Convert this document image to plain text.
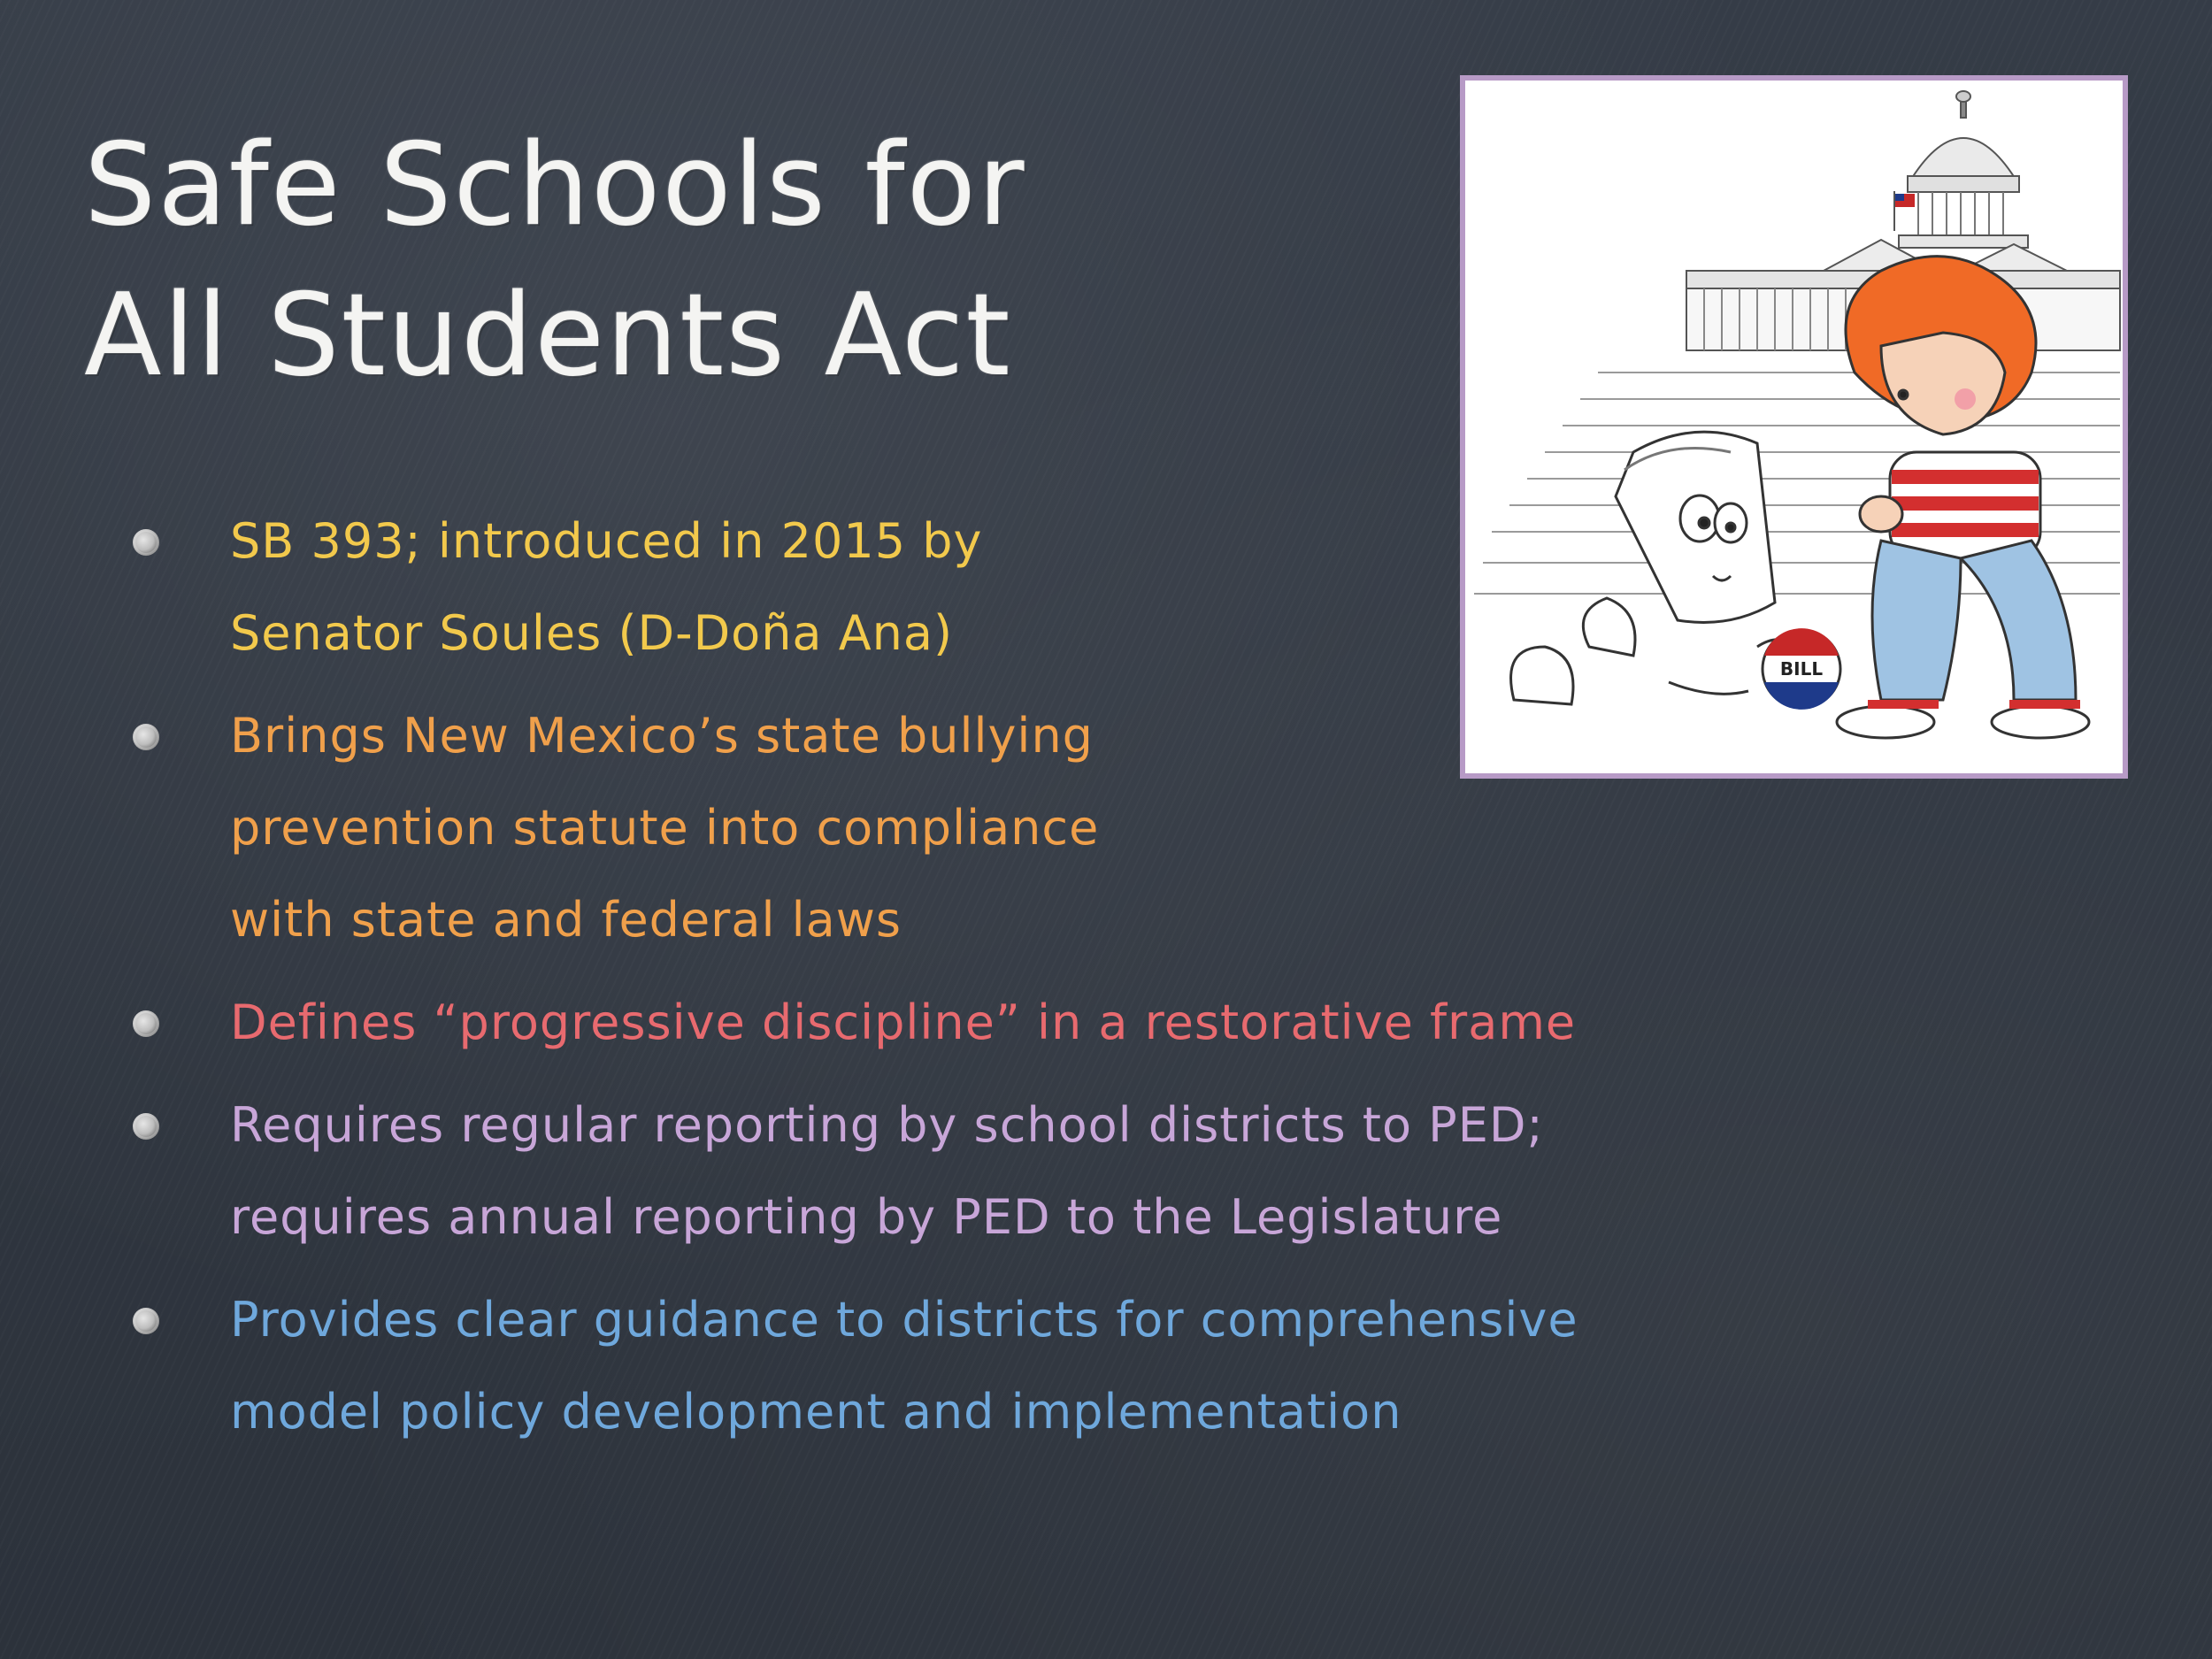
Safe Schools for
All Students Act
SB 393; introduced in 2015 by
Senator Soules (D-Doña Ana)
Brings New Mexico’s state bullying
prevention statute into compliance
with state and federal laws
Defines “progressive discipline” in a restorative frame
Requires regular reporting by school districts to PED;
requires annual reporting by PED to the Legislature
Provides clear guidance to districts for comprehensive
model policy development and implementation
BILL
